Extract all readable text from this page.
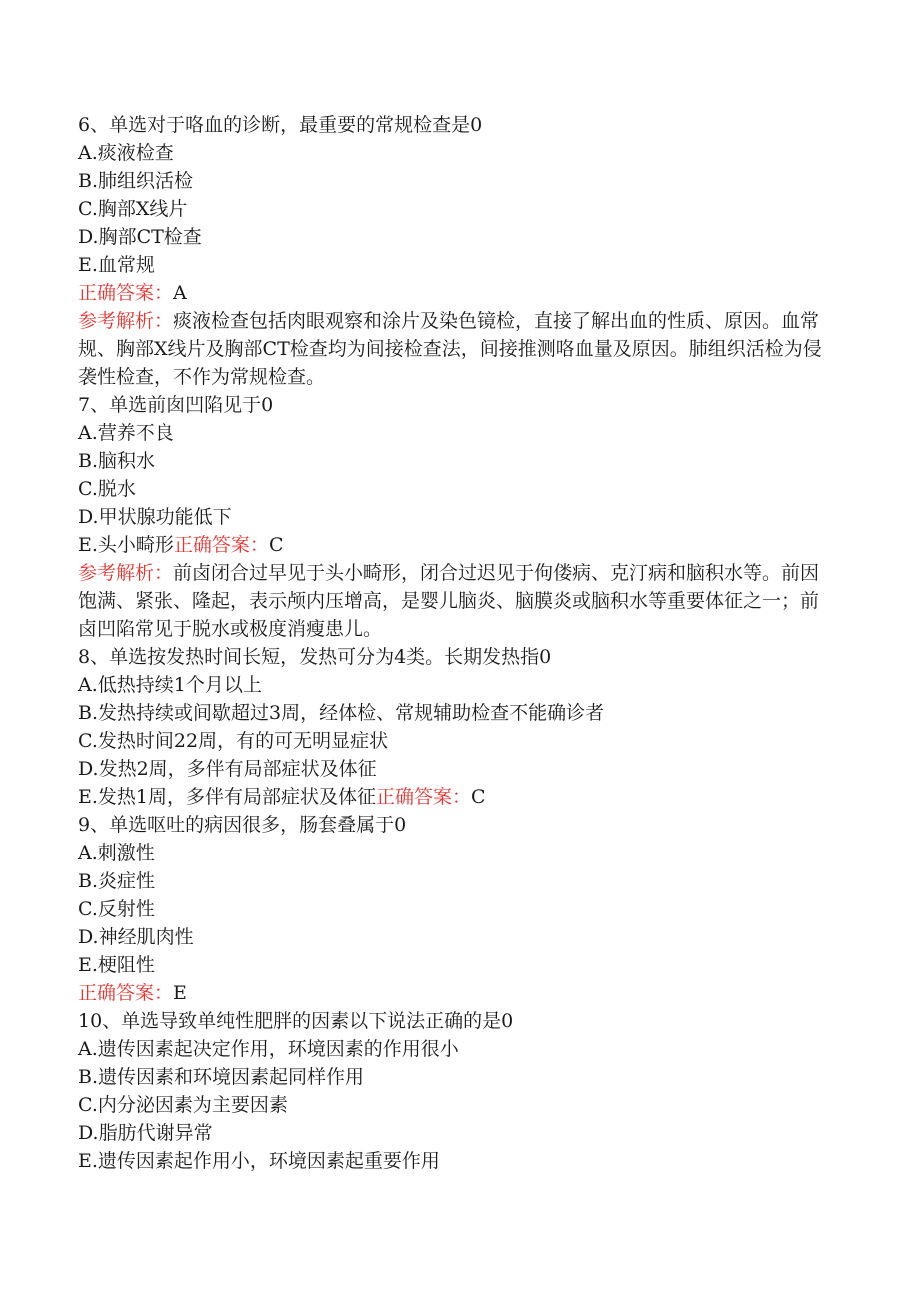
6、单选对于咯血的诊断，最重要的常规检查是0
A.痰液检查
B.肺组织活检
C.胸部X线片
D.胸部CT检查
E.血常规
正确答案：A
参考解析：痰液检查包括肉眼观察和涂片及染色镜检，直接了解出血的性质、原因。血常规、胸部X线片及胸部CT检查均为间接检查法，间接推测咯血量及原因。肺组织活检为侵袭性检查，不作为常规检查。
7、单选前囱凹陷见于0
A.营养不良
B.脑积水
C.脱水
D.甲状腺功能低下
E.头小畸形正确答案：C
参考解析：前卤闭合过早见于头小畸形，闭合过迟见于佝偻病、克汀病和脑积水等。前因饱满、紧张、隆起，表示颅内压增高，是婴儿脑炎、脑膜炎或脑积水等重要体征之一；前卤凹陷常见于脱水或极度消瘦患儿。
8、单选按发热时间长短，发热可分为4类。长期发热指0
A.低热持续1个月以上
B.发热持续或间歇超过3周，经体检、常规辅助检查不能确诊者
C.发热时间22周，有的可无明显症状
D.发热2周，多伴有局部症状及体征
E.发热1周，多伴有局部症状及体征正确答案：C
9、单选呕吐的病因很多，肠套叠属于0
A.刺激性
B.炎症性
C.反射性
D.神经肌肉性
E.梗阻性
正确答案：E
10、单选导致单纯性肥胖的因素以下说法正确的是0
A.遗传因素起决定作用，环境因素的作用很小
B.遗传因素和环境因素起同样作用
C.内分泌因素为主要因素
D.脂肪代谢异常
E.遗传因素起作用小，环境因素起重要作用
